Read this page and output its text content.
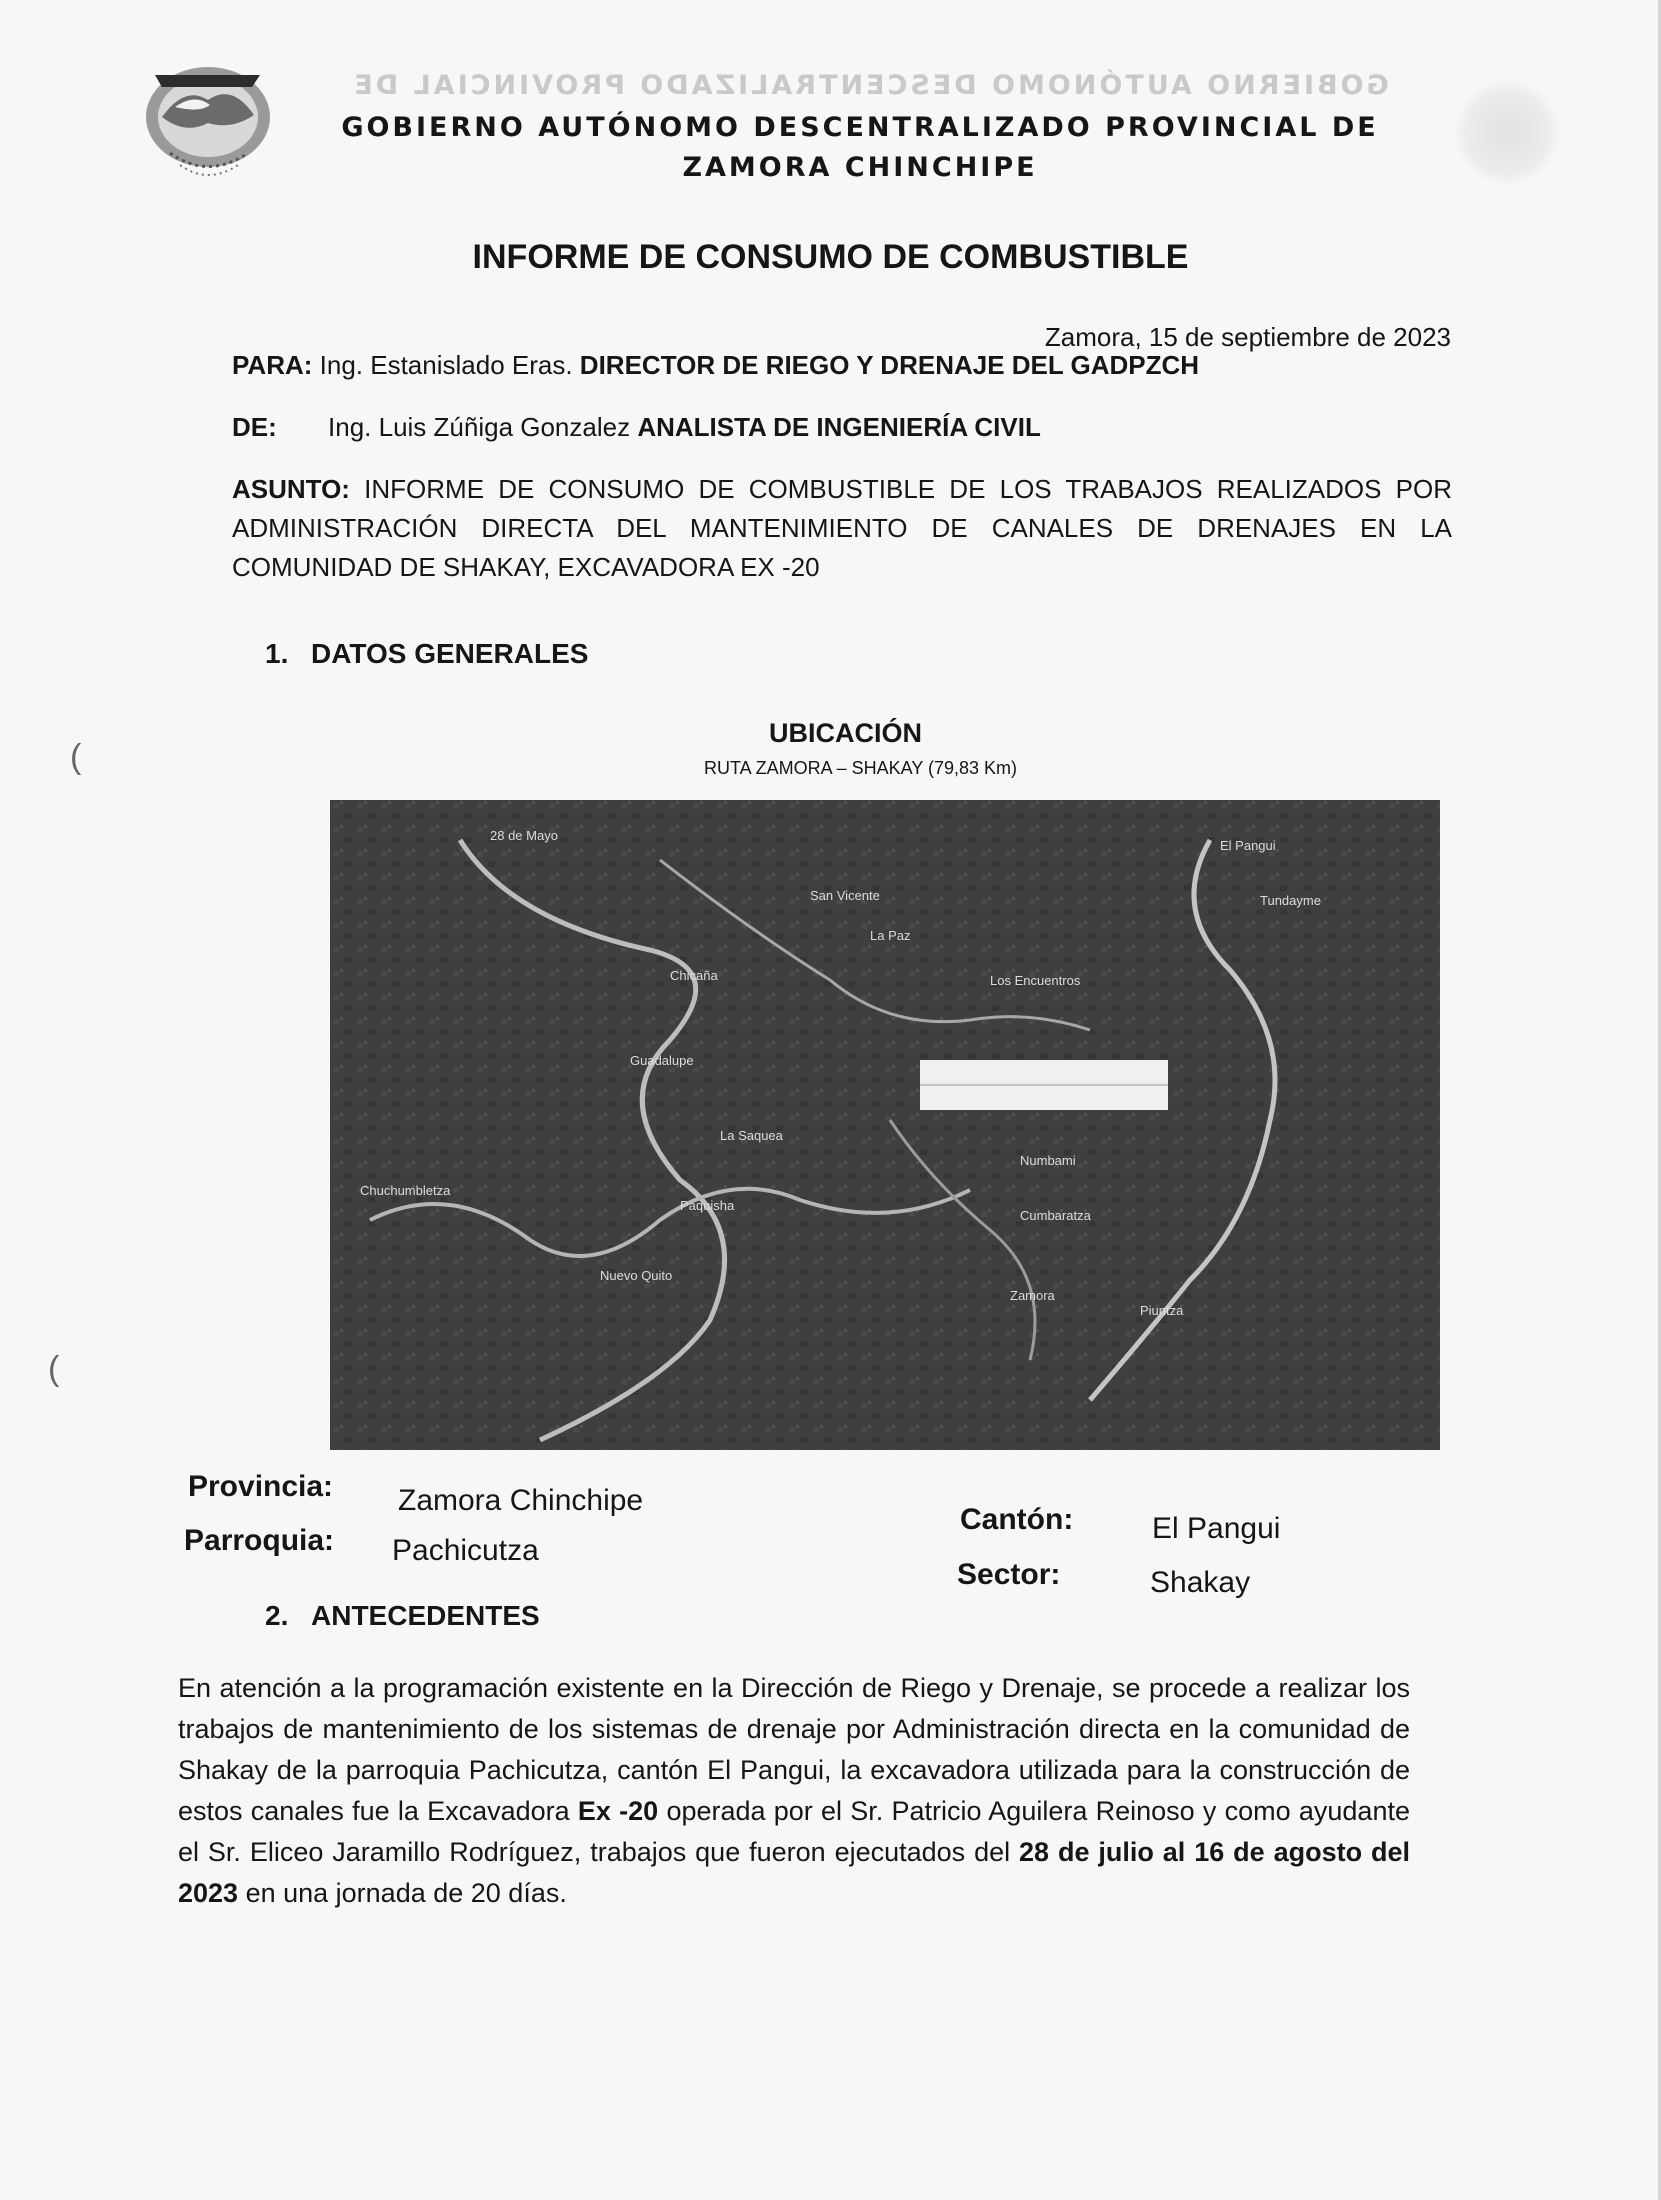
GOBIERNO AUTÓNOMO DESCENTRALIZADO PROVINCIAL DE
GOBIERNO AUTÓNOMO DESCENTRALIZADO PROVINCIAL DE ZAMORA CHINCHIPE
INFORME DE CONSUMO DE COMBUSTIBLE
Zamora, 15 de septiembre de 2023
PARA: Ing. Estanislado Eras. DIRECTOR DE RIEGO Y DRENAJE DEL GADPZCH
DE: Ing. Luis Zúñiga Gonzalez ANALISTA DE INGENIERÍA CIVIL
ASUNTO: INFORME DE CONSUMO DE COMBUSTIBLE DE LOS TRABAJOS REALIZADOS POR ADMINISTRACIÓN DIRECTA DEL MANTENIMIENTO DE CANALES DE DRENAJES EN LA COMUNIDAD DE SHAKAY, EXCAVADORA EX -20
1. DATOS GENERALES
UBICACIÓN
RUTA ZAMORA – SHAKAY (79,83 Km)
28 de Mayo
San Vicente
El Pangui
Chicaña
Guadalupe
La Paz
Los Encuentros
Tundayme
La Saquea
Numbami
Chuchumbletza
Paquisha
Cumbaratza
Nuevo Quito
Zamora
Piuntza
Provincia: Zamora Chinchipe
Parroquia: Pachicutza
Cantón:	El Pangui
Sector:	Shakay
2. ANTECEDENTES
En atención a la programación existente en la Dirección de Riego y Drenaje, se procede a realizar los trabajos de mantenimiento de los sistemas de drenaje por Administración directa en la comunidad de Shakay de la parroquia Pachicutza, cantón El Pangui, la excavadora utilizada para la construcción de estos canales fue la Excavadora Ex -20 operada por el Sr. Patricio Aguilera Reinoso y como ayudante el Sr. Eliceo Jaramillo Rodríguez, trabajos que fueron ejecutados del 28 de julio al 16 de agosto del 2023 en una jornada de 20 días.
(
(
